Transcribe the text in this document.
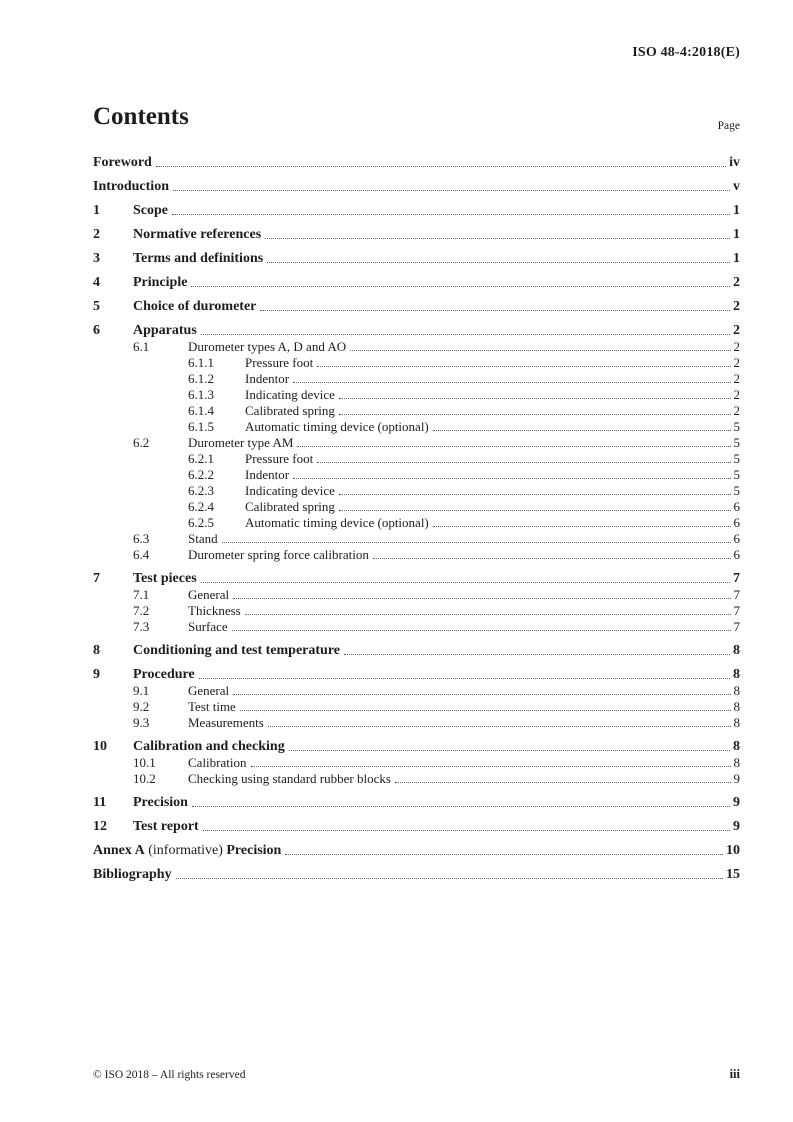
ISO 48-4:2018(E)
Contents	Page
Foreword	iv
Introduction	v
1	Scope	1
2	Normative references	1
3	Terms and definitions	1
4	Principle	2
5	Choice of durometer	2
6	Apparatus	2
6.1	Durometer types A, D and AO	2
6.1.1	Pressure foot	2
6.1.2	Indentor	2
6.1.3	Indicating device	2
6.1.4	Calibrated spring	2
6.1.5	Automatic timing device (optional)	5
6.2	Durometer type AM	5
6.2.1	Pressure foot	5
6.2.2	Indentor	5
6.2.3	Indicating device	5
6.2.4	Calibrated spring	6
6.2.5	Automatic timing device (optional)	6
6.3	Stand	6
6.4	Durometer spring force calibration	6
7	Test pieces	7
7.1	General	7
7.2	Thickness	7
7.3	Surface	7
8	Conditioning and test temperature	8
9	Procedure	8
9.1	General	8
9.2	Test time	8
9.3	Measurements	8
10	Calibration and checking	8
10.1	Calibration	8
10.2	Checking using standard rubber blocks	9
11	Precision	9
12	Test report	9
Annex A (informative) Precision	10
Bibliography	15
© ISO 2018 – All rights reserved	iii
